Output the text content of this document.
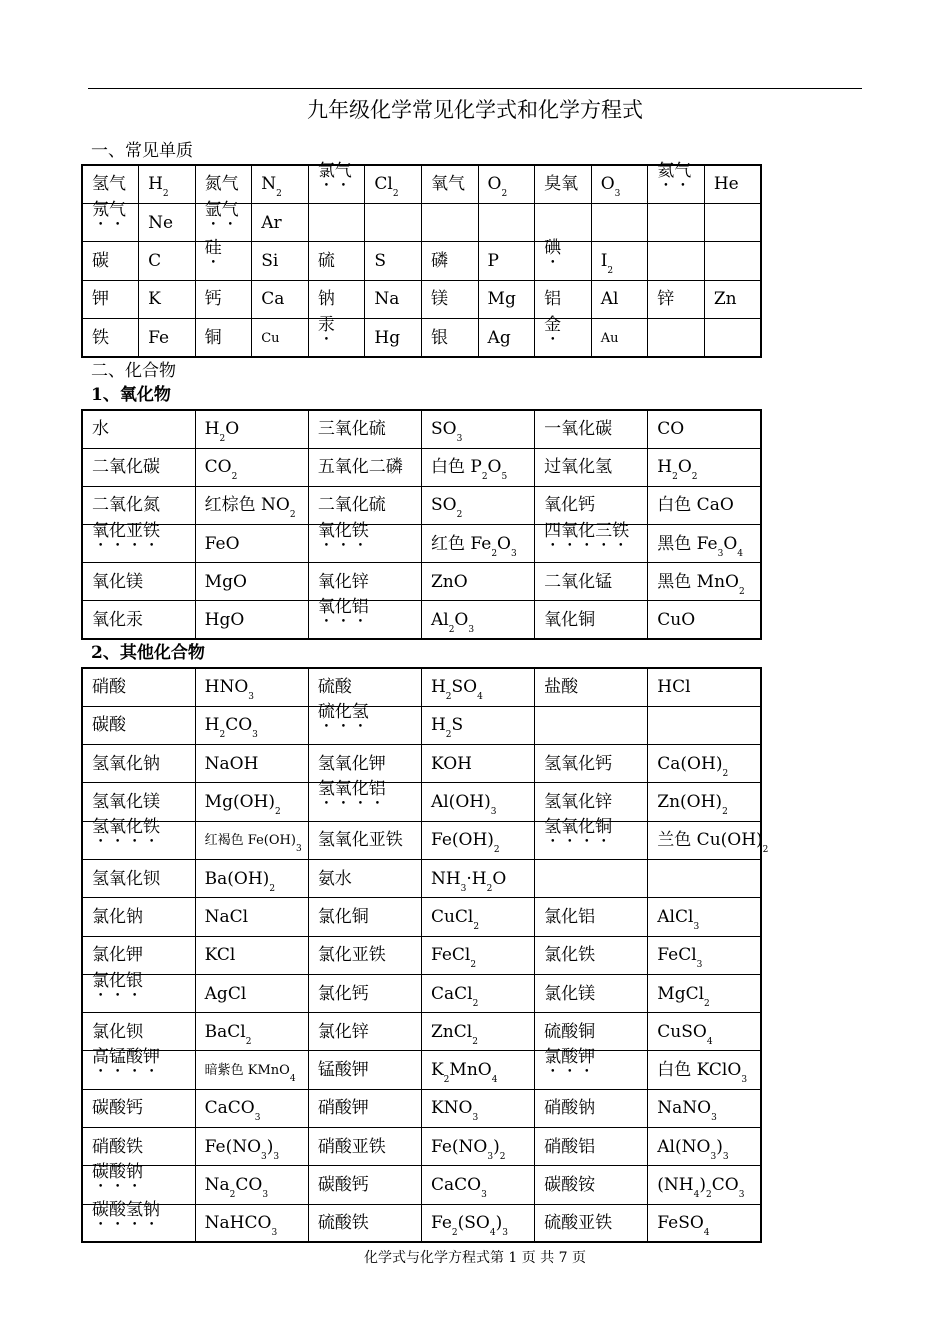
九年级化学常见化学式和化学方程式
一、常见单质
氢气	$H_2$	氮气	$N_2$	氯气	$Cl_2$	氧气	$O_2$	臭氧	$O_3$	氦气	He
氖气	Ne	氩气	Ar								
碳	C	硅	Si	硫	S	磷	P	碘	$I_2$		
钾	K	钙	Ca	钠	Na	镁	Mg	铝	Al	锌	Zn
铁	Fe	铜	Cu	汞	Hg	银	Ag	金	Au		
二、化合物
1、氧化物
水	$H_2O$	三氧化硫	$SO_3$	一氧化碳	CO
二氧化碳	$CO_2$	五氧化二磷	白色 $P_2O_5$	过氧化氢	$H_2O_2$
二氧化氮	红棕色 $NO_2$	二氧化硫	$SO_2$	氧化钙	白色 CaO
氧化亚铁	FeO	氧化铁	红色 $Fe_2O_3$	四氧化三铁	黑色 $Fe_3O_4$
氧化镁	MgO	氧化锌	ZnO	二氧化锰	黑色 MnO$_2$
氧化汞	HgO	氧化铝	$Al_2O_3$	氧化铜	CuO
2、其他化合物
硝酸	$HNO_3$	硫酸	$H_2SO_4$	盐酸	HCl
碳酸	$H_2CO_3$	硫化氢	$H_2S$		
氢氧化钠	NaOH	氢氧化钾	KOH	氢氧化钙	$Ca(OH)_2$
氢氧化镁	$Mg(OH)_2$	氢氧化铝	$Al(OH)_3$	氢氧化锌	$Zn(OH)_2$
氢氧化铁	红褐色 $Fe(OH)_3$	氢氧化亚铁	$Fe(OH)_2$	氢氧化铜	兰色 $Cu(OH)_2$
氢氧化钡	$Ba(OH)_2$	氨水	$NH_3\cdot H_2O$		
氯化钠	NaCl	氯化铜	CuCl$_2$	氯化铝	AlCl$_3$
氯化钾	KCl	氯化亚铁	FeCl$_2$	氯化铁	FeCl$_3$
氯化银	AgCl	氯化钙	CaCl$_2$	氯化镁	MgCl$_2$
氯化钡	BaCl$_2$	氯化锌	ZnCl$_2$	硫酸铜	CuSO$_4$
高锰酸钾	暗紫色 KMnO$_4$	锰酸钾	$K_2MnO_4$	氯酸钾	白色 KClO$_3$
碳酸钙	CaCO$_3$	硝酸钾	$KNO_3$	硝酸钠	NaNO$_3$
硝酸铁	$Fe(NO_3)_3$	硝酸亚铁	$Fe(NO_3)_2$	硝酸铝	$Al(NO_3)_3$
碳酸钠	$Na_2CO_3$	碳酸钙	CaCO$_3$	碳酸铵	$(NH_4)_2CO_3$
碳酸氢钠	NaHCO$_3$	硫酸铁	$Fe_2(SO_4)_3$	硫酸亚铁	FeSO$_4$
化学式与化学方程式第 1 页 共 7 页
